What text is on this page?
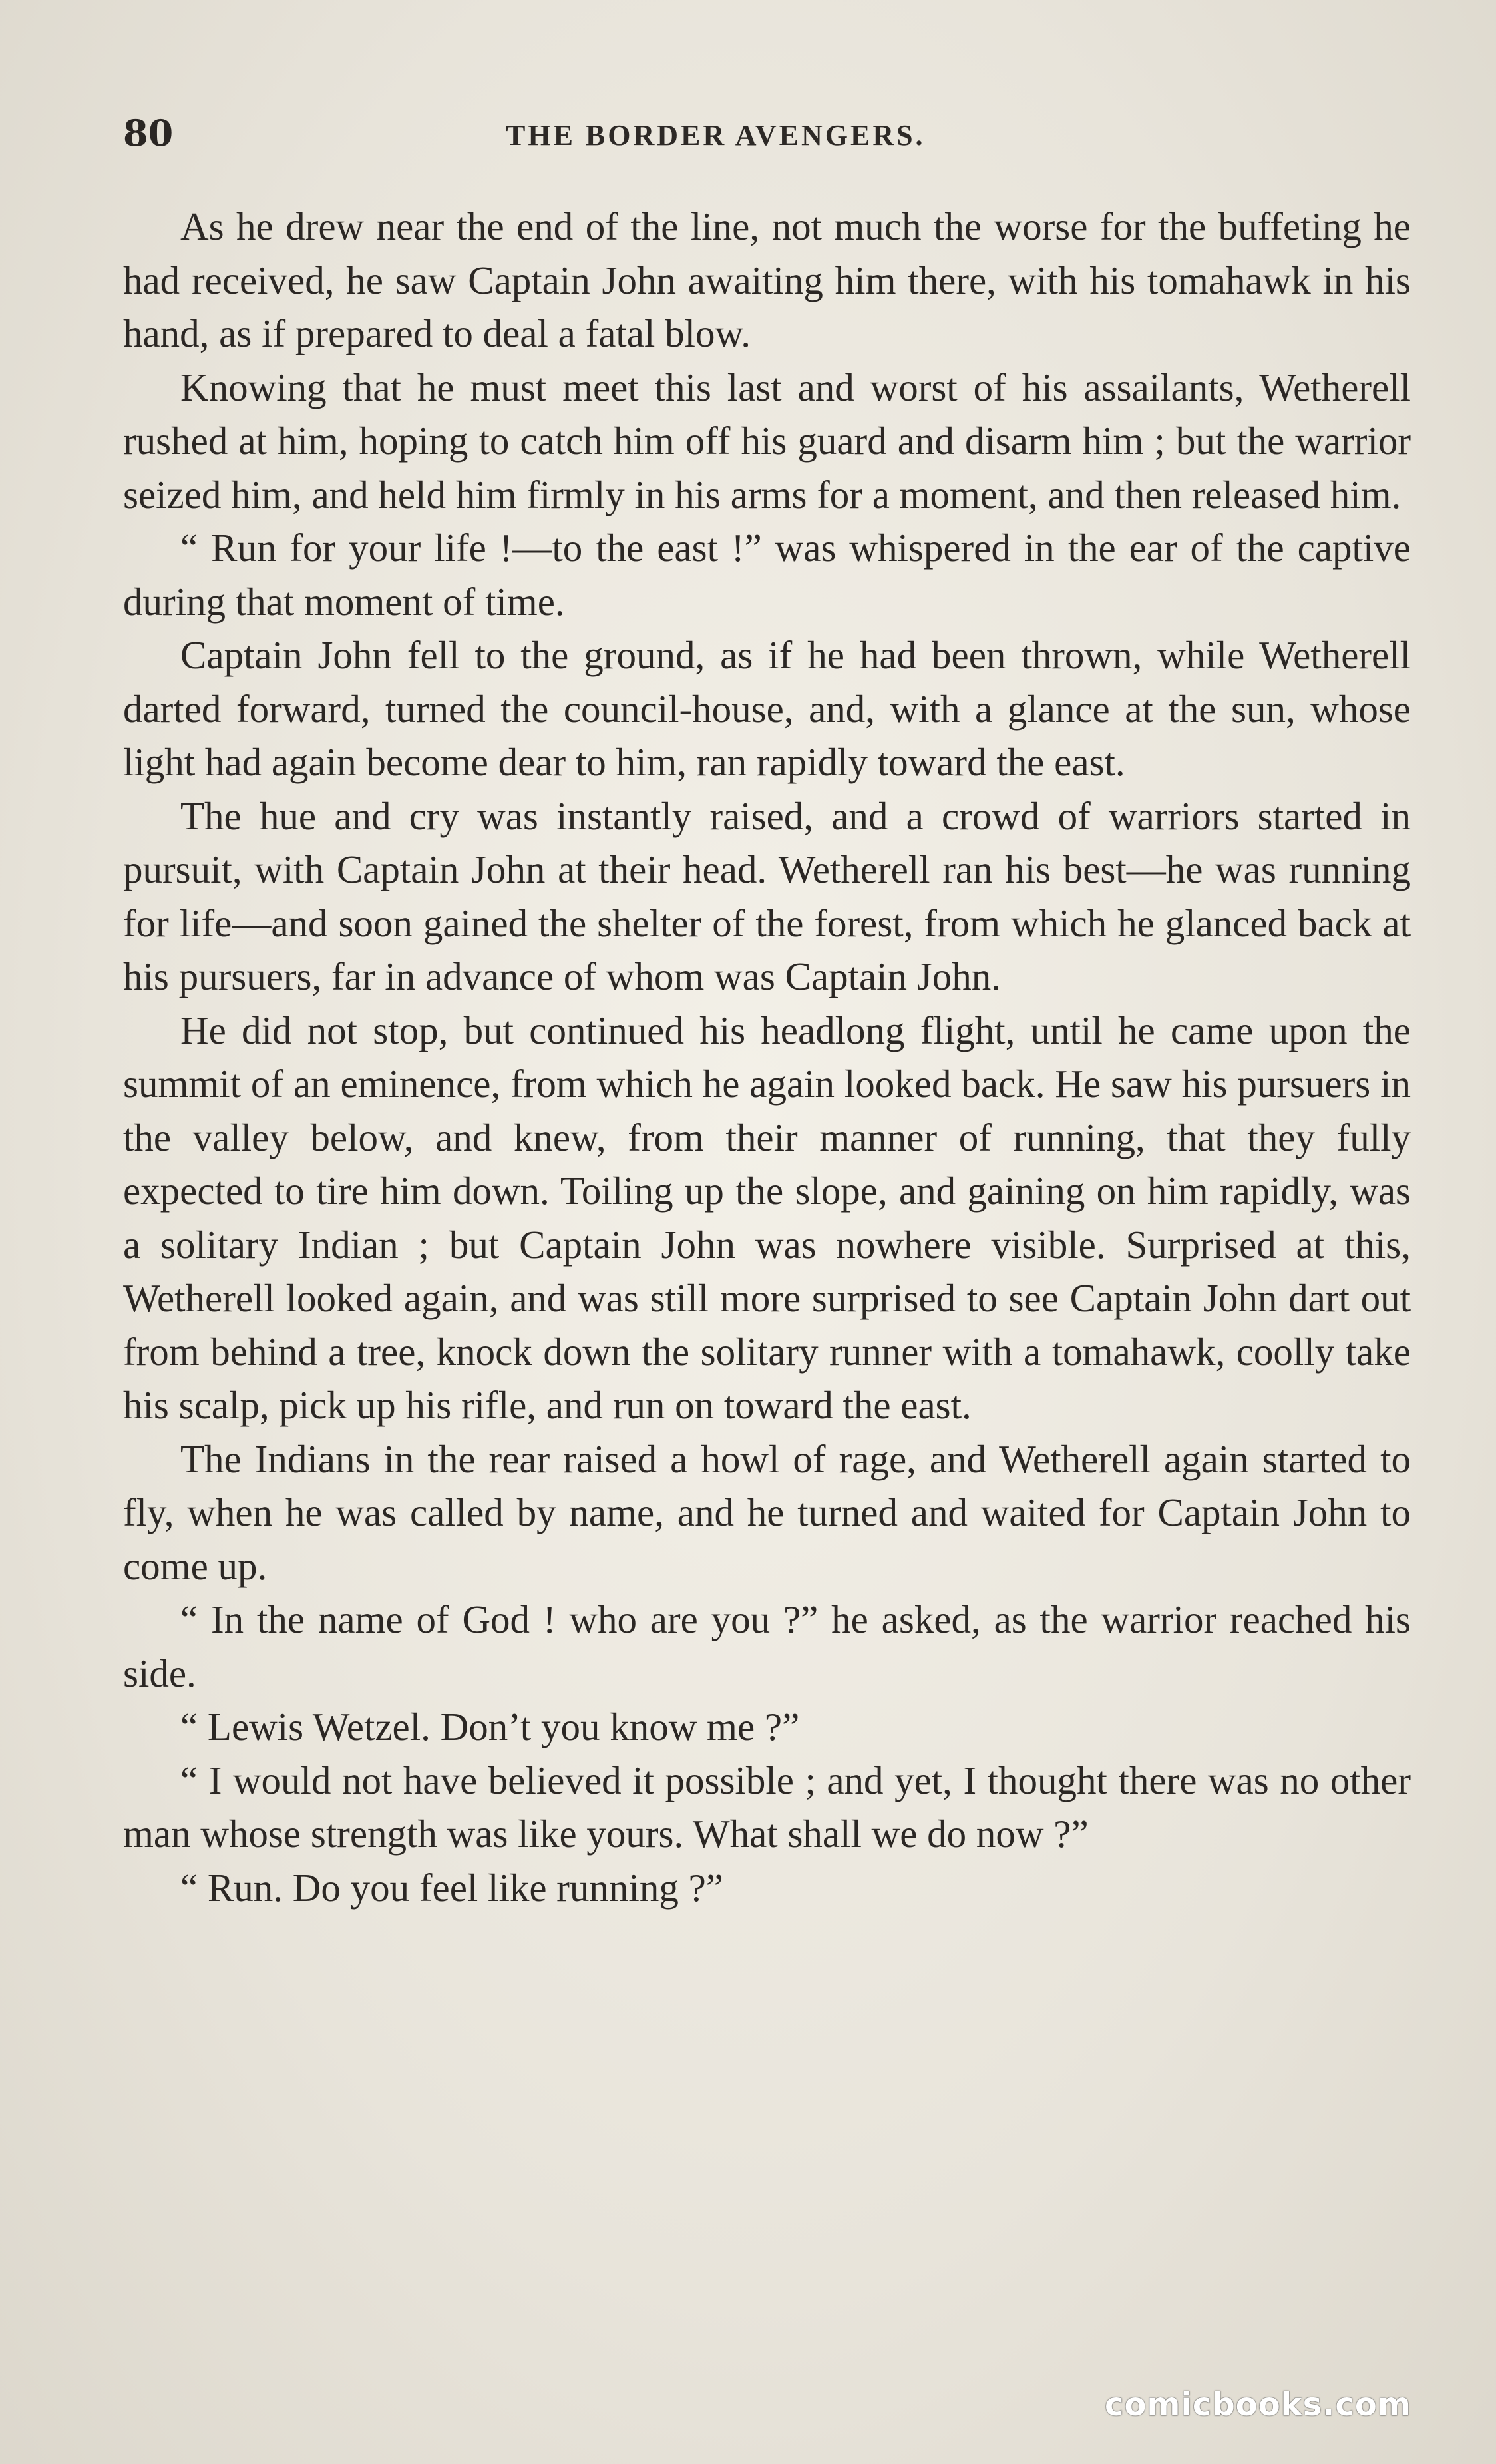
80	THE BORDER AVENGERS.

As he drew near the end of the line, not much the worse for the buffeting he had received, he saw Captain John awaiting him there, with his tomahawk in his hand, as if prepared to deal a fatal blow.

Knowing that he must meet this last and worst of his assailants, Wetherell rushed at him, hoping to catch him off his guard and disarm him ; but the warrior seized him, and held him firmly in his arms for a moment, and then released him.

“ Run for your life !—to the east !” was whispered in the ear of the captive during that moment of time.

Captain John fell to the ground, as if he had been thrown, while Wetherell darted forward, turned the council-house, and, with a glance at the sun, whose light had again become dear to him, ran rapidly toward the east.

The hue and cry was instantly raised, and a crowd of warriors started in pursuit, with Captain John at their head. Wetherell ran his best—he was running for life—and soon gained the shelter of the forest, from which he glanced back at his pursuers, far in advance of whom was Captain John.

He did not stop, but continued his headlong flight, until he came upon the summit of an eminence, from which he again looked back. He saw his pursuers in the valley below, and knew, from their manner of running, that they fully expected to tire him down. Toiling up the slope, and gaining on him rapidly, was a solitary Indian ; but Captain John was nowhere visible. Surprised at this, Wetherell looked again, and was still more surprised to see Captain John dart out from behind a tree, knock down the solitary runner with a tomahawk, coolly take his scalp, pick up his rifle, and run on toward the east.

The Indians in the rear raised a howl of rage, and Wetherell again started to fly, when he was called by name, and he turned and waited for Captain John to come up.

“ In the name of God ! who are you ?” he asked, as the warrior reached his side.

“ Lewis Wetzel. Don’t you know me ?”

“ I would not have believed it possible ; and yet, I thought there was no other man whose strength was like yours. What shall we do now ?”

“ Run. Do you feel like running ?”

comicbooks.com
